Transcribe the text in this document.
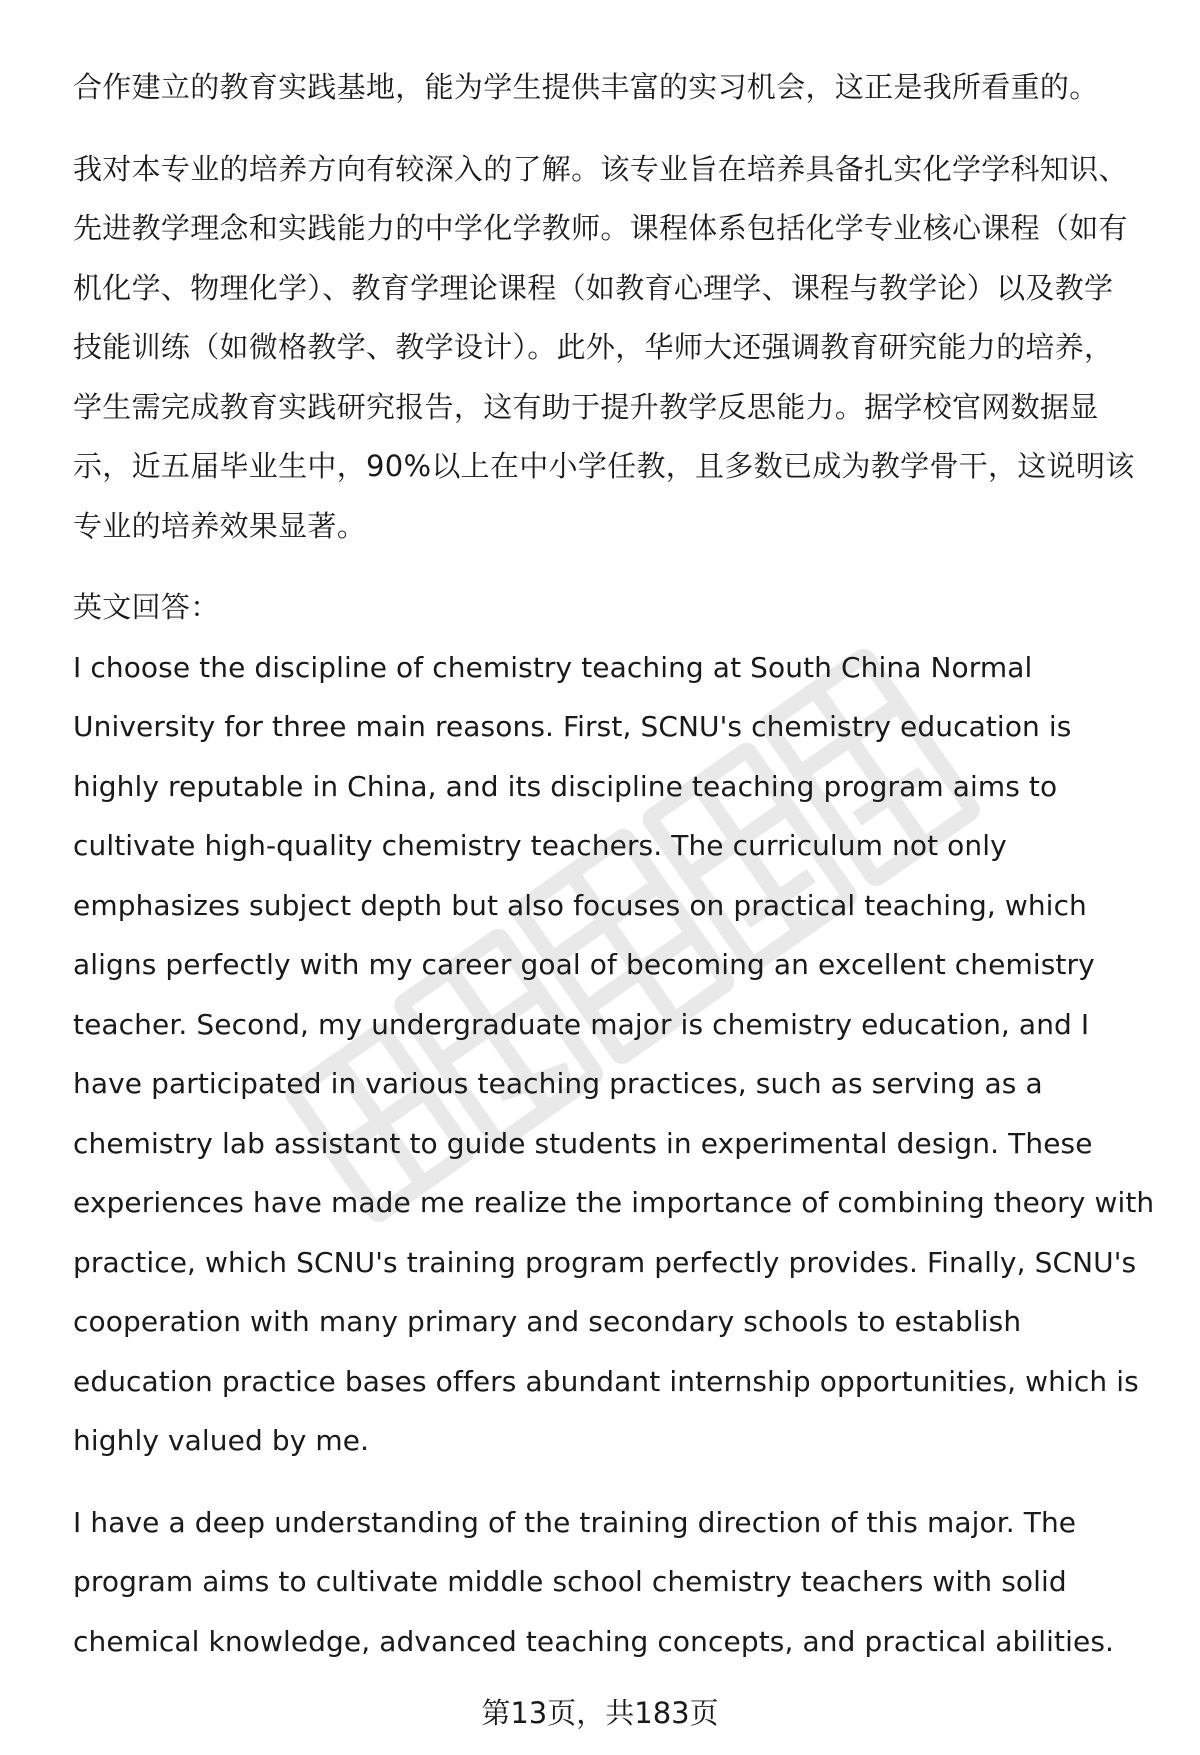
合作建立的教育实践基地，能为学生提供丰富的实习机会，这正是我所看重的。

我对本专业的培养方向有较深入的了解。该专业旨在培养具备扎实化学学科知识、
先进教学理念和实践能力的中学化学教师。课程体系包括化学专业核心课程（如有
机化学、物理化学）、教育学理论课程（如教育心理学、课程与教学论）以及教学
技能训练（如微格教学、教学设计）。此外，华师大还强调教育研究能力的培养，
学生需完成教育实践研究报告，这有助于提升教学反思能力。据学校官网数据显
示，近五届毕业生中，90%以上在中小学任教，且多数已成为教学骨干，这说明该
专业的培养效果显著。

英文回答：

I choose the discipline of chemistry teaching at South China Normal
University for three main reasons. First, SCNU's chemistry education is
highly reputable in China, and its discipline teaching program aims to
cultivate high-quality chemistry teachers. The curriculum not only
emphasizes subject depth but also focuses on practical teaching, which
aligns perfectly with my career goal of becoming an excellent chemistry
teacher. Second, my undergraduate major is chemistry education, and I
have participated in various teaching practices, such as serving as a
chemistry lab assistant to guide students in experimental design. These
experiences have made me realize the importance of combining theory with
practice, which SCNU's training program perfectly provides. Finally, SCNU's
cooperation with many primary and secondary schools to establish
education practice bases offers abundant internship opportunities, which is
highly valued by me.

I have a deep understanding of the training direction of this major. The
program aims to cultivate middle school chemistry teachers with solid
chemical knowledge, advanced teaching concepts, and practical abilities.

第13页，共183页
